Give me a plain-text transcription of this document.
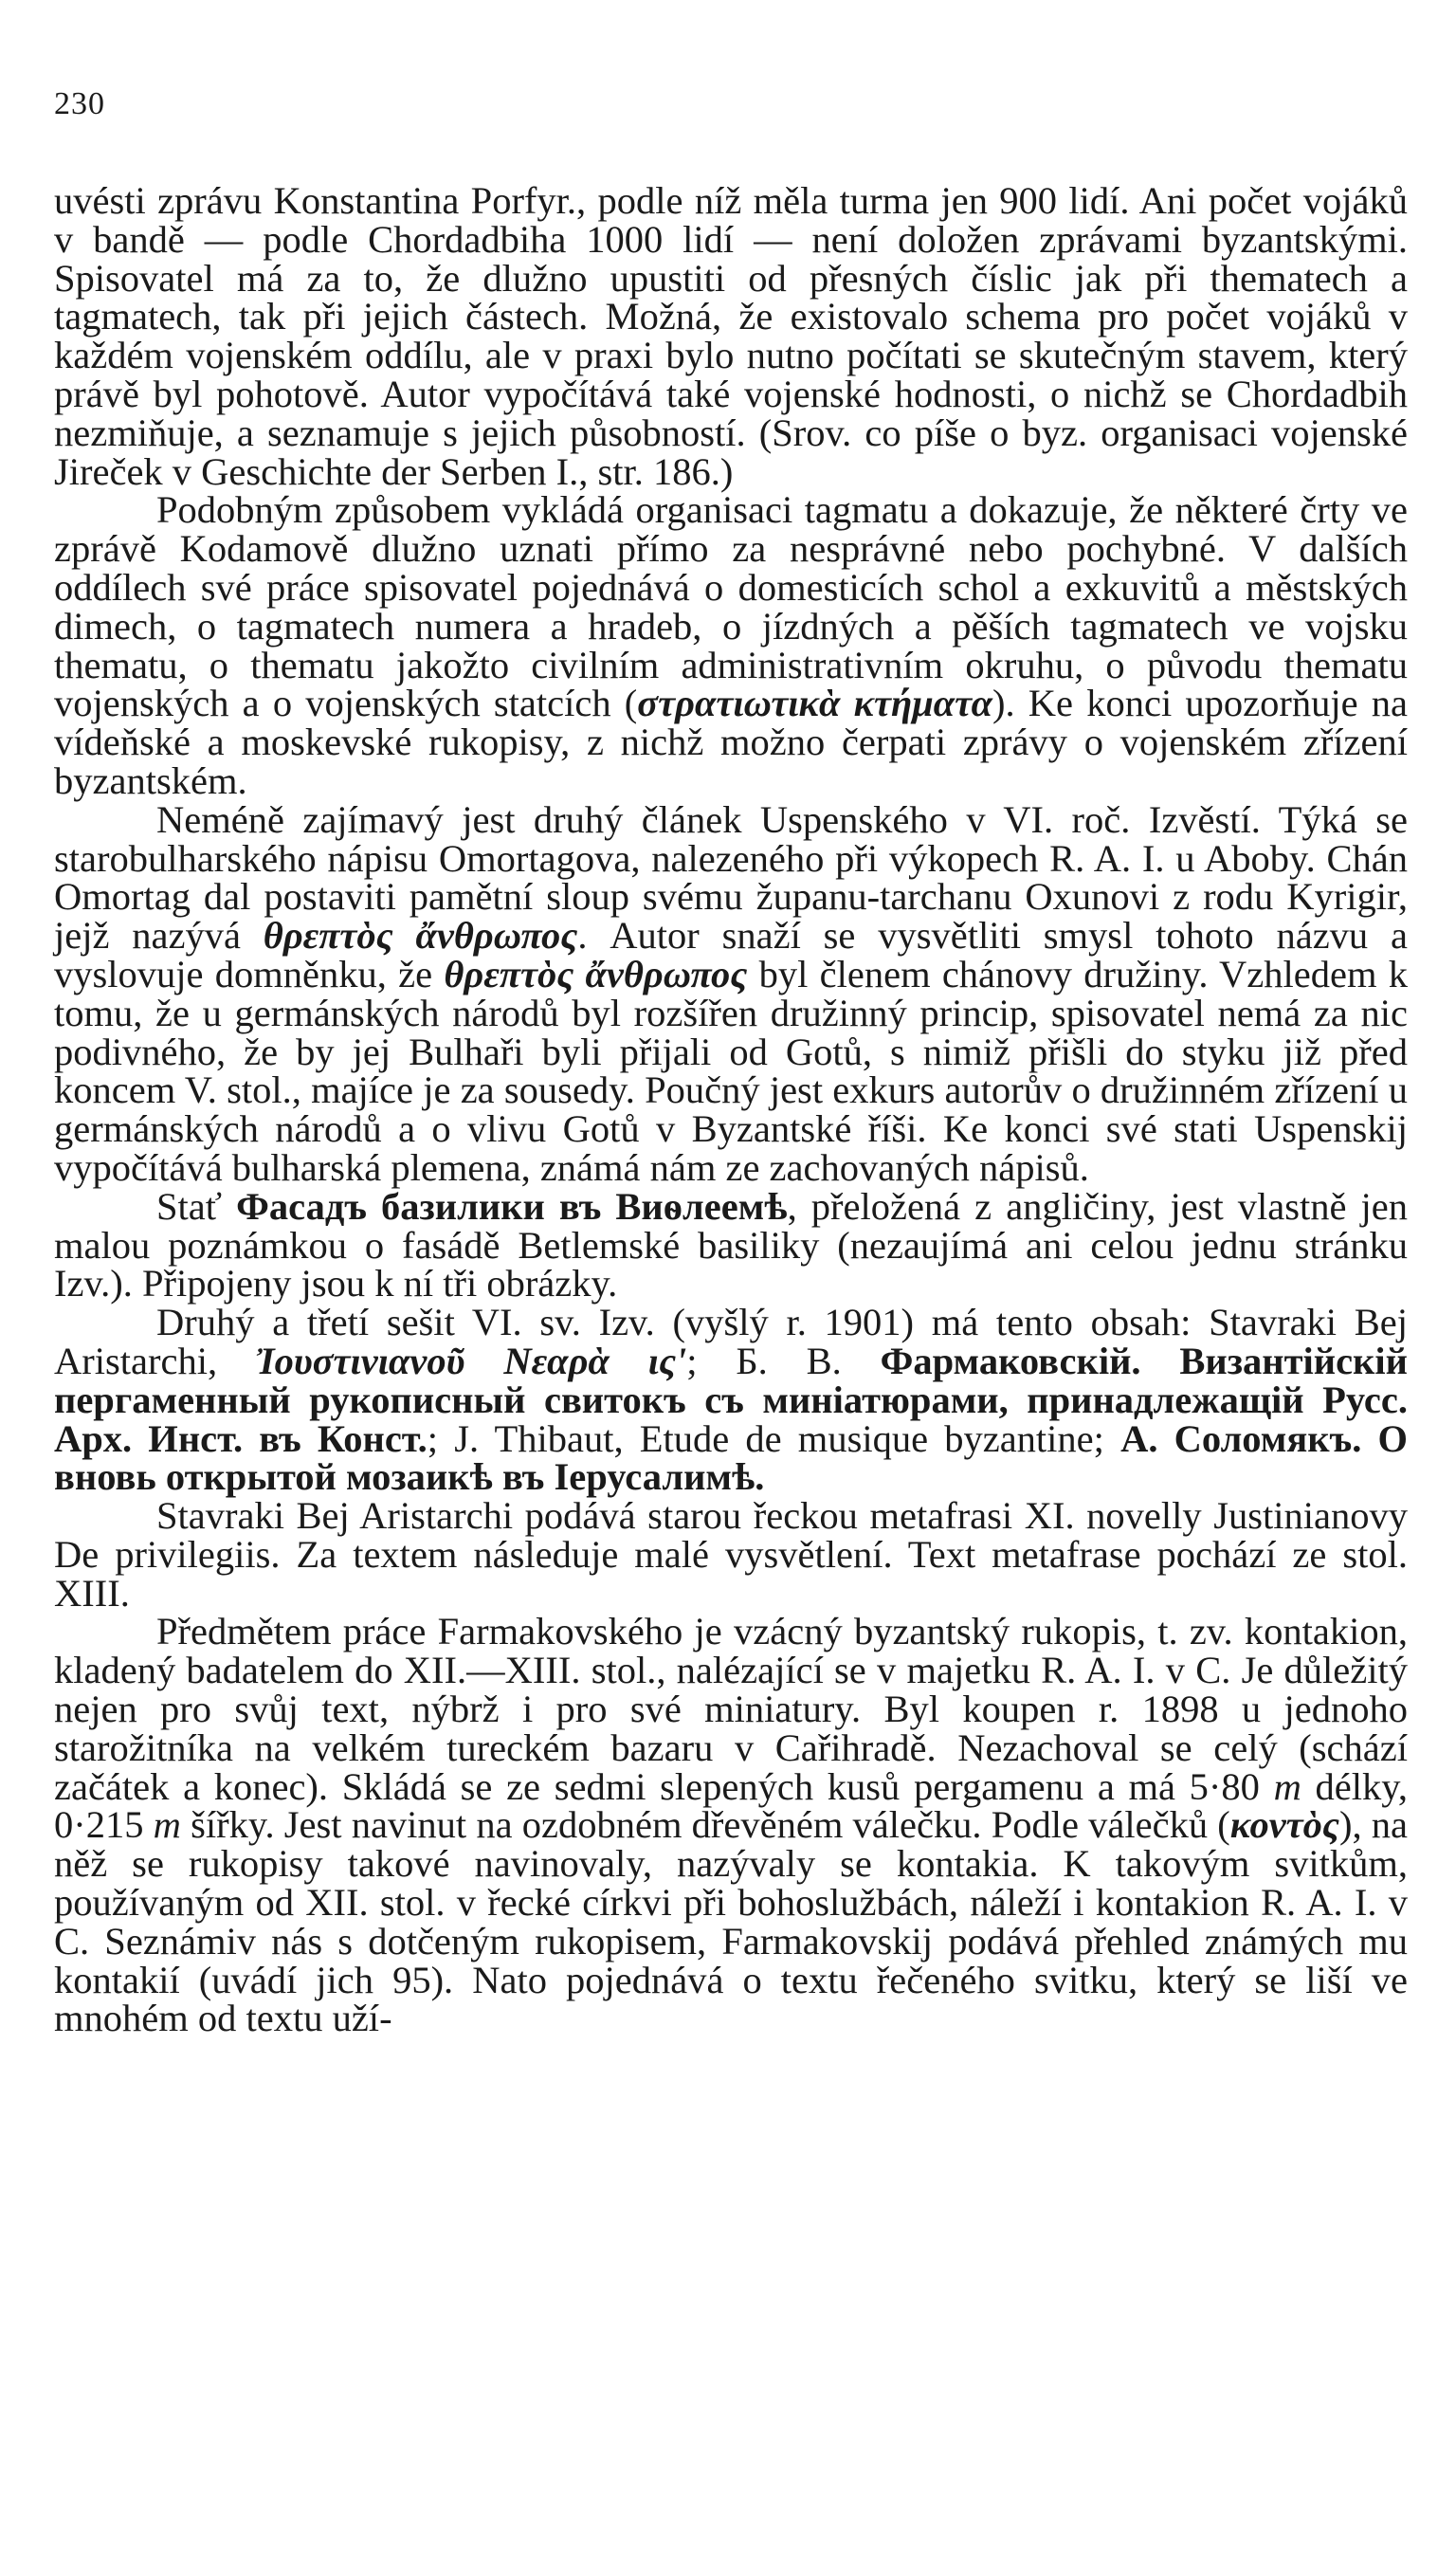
230

uvésti zprávu Konstantina Porfyr., podle níž měla turma jen 900 lidí. Ani počet vojáků v bandě — podle Chordadbiha 1000 lidí — není doložen zprávami byzantskými. Spisovatel má za to, že dlužno upustiti od přesných číslic jak při thematech a tagmatech, tak při jejich částech. Možná, že existovalo schema pro počet vojáků v každém vojenském oddílu, ale v praxi bylo nutno počítati se skutečným stavem, který právě byl pohotově. Autor vypočítává také vojenské hodnosti, o nichž se Chordadbih nezmiňuje, a seznamuje s jejich působností. (Srov. co píše o byz. organisaci vojenské Jireček v Geschichte der Serben I., str. 186.)

Podobným způsobem vykládá organisaci tagmatu a dokazuje, že některé črty ve zprávě Kodamově dlužno uznati přímo za nesprávné nebo pochybné. V dalších oddílech své práce spisovatel pojednává o domesticích schol a exkuvitů a městských dimech, o tagmatech numera a hradeb, o jízdných a pěších tagmatech ve vojsku thematu, o thematu jakožto civilním administrativním okruhu, o původu thematu vojenských a o vojenských statcích (στρατιωτικὰ κτήματα). Ke konci upozorňuje na vídeňské a moskevské rukopisy, z nichž možno čerpati zprávy o vojenském zřízení byzantském.

Neméně zajímavý jest druhý článek Uspenského v VI. roč. Izvěstí. Týká se starobulharského nápisu Omortagova, nalezeného při výkopech R. A. I. u Aboby. Chán Omortag dal postaviti pamětní sloup svému županu-tarchanu Oxunovi z rodu Kyrigir, jejž nazývá θρεπτὸς ἄνθρωπος. Autor snaží se vysvětliti smysl tohoto názvu a vyslovuje domněnku, že θρεπτὸς ἄνθρωπος byl členem chánovy družiny. Vzhledem k tomu, že u germánských národů byl rozšířen družinný princip, spisovatel nemá za nic podivného, že by jej Bulhaři byli přijali od Gotů, s nimiž přišli do styku již před koncem V. stol., majíce je za sousedy. Poučný jest exkurs autorův o družinném zřízení u germánských národů a o vlivu Gotů v Byzantské říši. Ke konci své stati Uspenskij vypočítává bulharská plemena, známá nám ze zachovaných nápisů.

Stať Фасадъ базилики въ Виѳлеемѣ, přeložená z angličiny, jest vlastně jen malou poznámkou o fasádě Betlemské basiliky (nezaujímá ani celou jednu stránku Izv.). Připojeny jsou k ní tři obrázky.

Druhý a třetí sešit VI. sv. Izv. (vyšlý r. 1901) má tento obsah: Stavraki Bej Aristarchi, Ἰουστινιανοῦ Νεαρὰ ις'; Б. В. Фармаковскій. Византійскій пергаменный рукописный свитокъ съ миніатюрами, принадлежащій Русс. Арх. Инст. въ Конст.; J. Thibaut, Etude de musique byzantine; А. Соломякъ. О вновь открытой мозаикѣ въ Іерусалимѣ.

Stavraki Bej Aristarchi podává starou řeckou metafrasi XI. novelly Justinianovy De privilegiis. Za textem následuje malé vysvětlení. Text metafrase pochází ze stol. XIII.

Předmětem práce Farmakovského je vzácný byzantský rukopis, t. zv. kontakion, kladený badatelem do XII.—XIII. stol., nalézající se v majetku R. A. I. v C. Je důležitý nejen pro svůj text, nýbrž i pro své miniatury. Byl koupen r. 1898 u jednoho starožitníka na velkém tureckém bazaru v Cařihradě. Nezachoval se celý (schází začátek a konec). Skládá se ze sedmi slepených kusů pergamenu a má 5·80 m délky, 0·215 m šířky. Jest navinut na ozdobném dřevěném válečku. Podle válečků (κοντὸς), na něž se rukopisy takové navinovaly, nazývaly se kontakia. K takovým svitkům, používaným od XII. stol. v řecké církvi při bohoslužbách, náleží i kontakion R. A. I. v C. Seznámiv nás s dotčeným rukopisem, Farmakovskij podává přehled známých mu kontakií (uvádí jich 95). Nato pojednává o textu řečeného svitku, který se liší ve mnohém od textu uží-
